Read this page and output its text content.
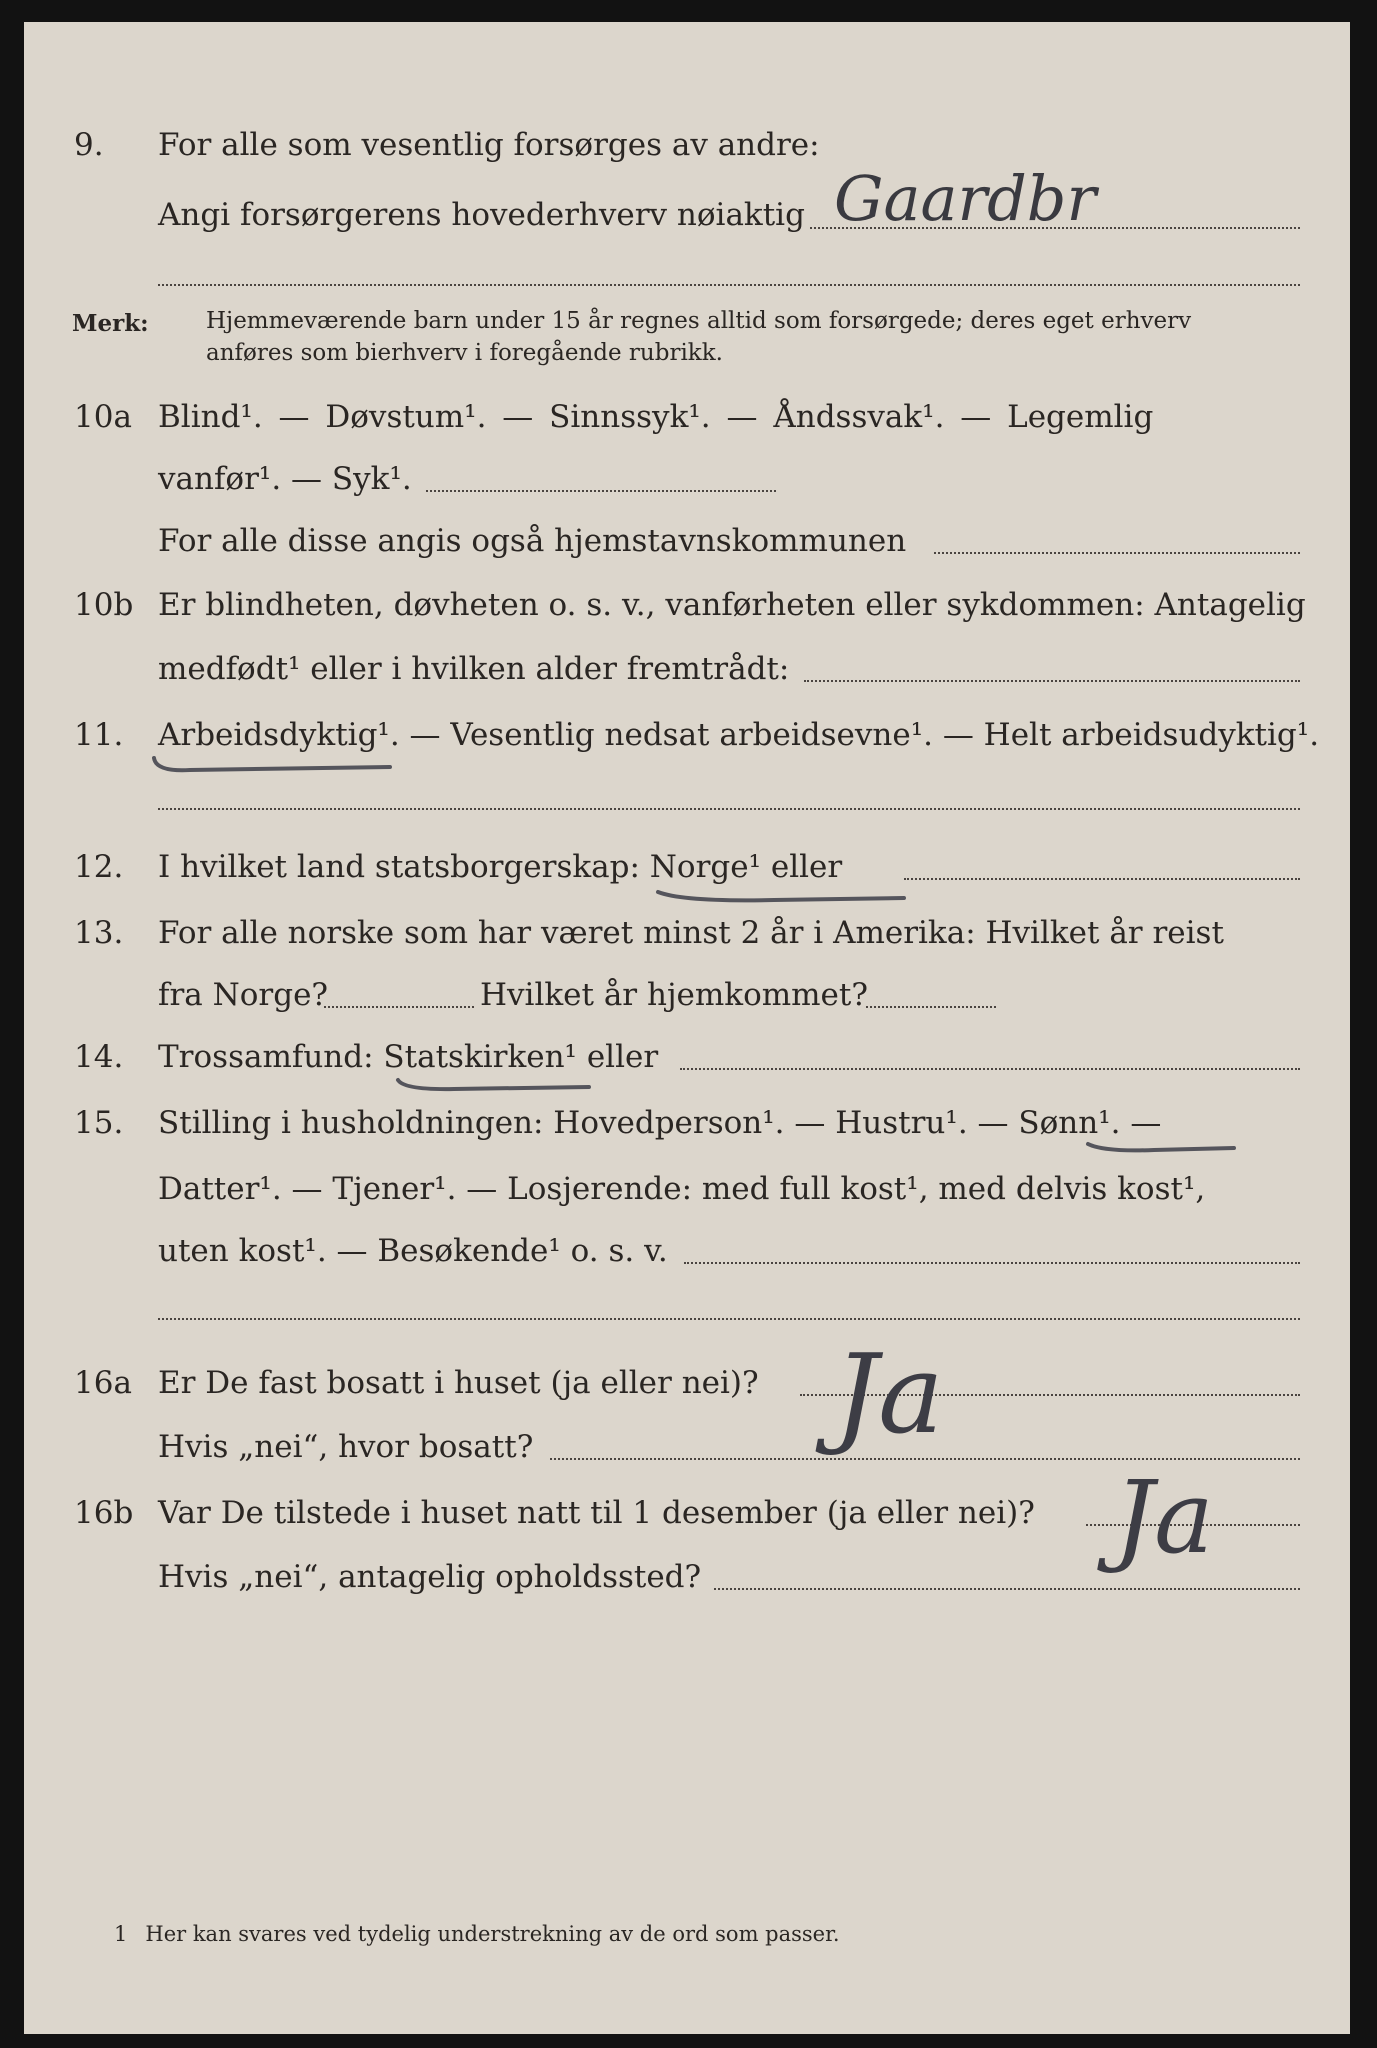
9. For alle som vesentlig forsørges av andre:
Angi forsørgerens hovederhverv nøiaktig Gaardbr
Merk: Hjemmeværende barn under 15 år regnes alltid som forsørgede; deres eget erhverv
anføres som bierhverv i foregående rubrikk.
10a Blind¹. — Døvstum¹. — Sinnssyk¹. — Åndssvak¹. — Legemlig
vanfør¹. — Syk¹.
For alle disse angis også hjemstavnskommunen
10b Er blindheten, døvheten o. s. v., vanførheten eller sykdommen: Antagelig
medfødt¹ eller i hvilken alder fremtrådt:
11. Arbeidsdyktig¹. — Vesentlig nedsat arbeidsevne¹. — Helt arbeidsudyktig¹.
12. I hvilket land statsborgerskap: Norge¹ eller
13. For alle norske som har været minst 2 år i Amerika: Hvilket år reist
fra Norge?	Hvilket år hjemkommet?
14. Trossamfund: Statskirken¹ eller
15. Stilling i husholdningen: Hovedperson¹. — Hustru¹. — Sønn¹. —
Datter¹. — Tjener¹. — Losjerende: med full kost¹, med delvis kost¹,
uten kost¹. — Besøkende¹ o. s. v.
16a Er De fast bosatt i huset (ja eller nei)?
Hvis „nei“, hvor bosatt?	Ja
16b Var De tilstede i huset natt til 1 desember (ja eller nei)?
Hvis „nei“, antagelig opholdssted?
Ja
1 Her kan svares ved tydelig understrekning av de ord som passer.
